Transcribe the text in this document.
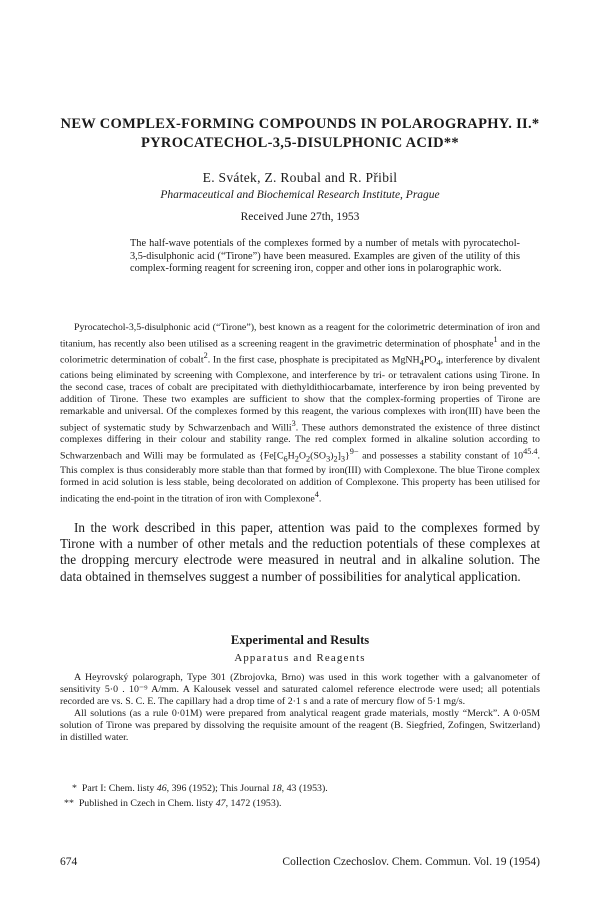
NEW COMPLEX-FORMING COMPOUNDS IN POLAROGRAPHY. II.*
PYROCATECHOL-3,5-DISULPHONIC ACID**
E. Svátek, Z. Roubal and R. Přibil
Pharmaceutical and Biochemical Research Institute, Prague
Received June 27th, 1953
The half-wave potentials of the complexes formed by a number of metals with pyrocatechol-3,5-disulphonic acid (“Tirone”) have been measured. Examples are given of the utility of this complex-forming reagent for screening iron, copper and other ions in polarographic work.

Pyrocatechol-3,5-disulphonic acid (“Tirone”), best known as a reagent for the colorimetric determination of iron and titanium, has recently also been utilised as a screening reagent in the gravimetric determination of phosphate$^1$ and in the colorimetric determination of cobalt$^2$. In the first case, phosphate is precipitated as $MgNH_4PO_4$, interference by divalent cations being eliminated by screening with Complexone, and interference by tri- or tetravalent cations using Tirone. In the second case, traces of cobalt are precipitated with diethyldithiocarbamate, interference by iron being prevented by addition of Tirone. These two examples are sufficient to show that the complex-forming properties of Tirone are remarkable and universal. Of the complexes formed by this reagent, the various complexes with iron(III) have been the subject of systematic study by Schwarzenbach and Willi$^3$. These authors demonstrated the existence of three distinct complexes differing in their colour and stability range. The red complex formed in alkaline solution according to Schwarzenbach and Willi may be formulated as $\{Fe[C_6H_2O_2(SO_3)_2]_3\}^{9-}$ and possesses a stability constant of $10^{45.4}$. This complex is thus considerably more stable than that formed by iron(III) with Complexone. The blue Tirone complex formed in acid solution is less stable, being decolorated on addition of Complexone. This property has been utilised for indicating the end-point in the titration of iron with Complexone$^4$.

In the work described in this paper, attention was paid to the complexes formed by Tirone with a number of other metals and the reduction potentials of these complexes at the dropping mercury electrode were measured in neutral and in alkaline solution. The data obtained in themselves suggest a number of possibilities for analytical application.

Experimental and Results
Apparatus and Reagents

A Heyrovský polarograph, Type 301 (Zbrojovka, Brno) was used in this work together with a galvanometer of sensitivity 5·0 . 10⁻⁹ A/mm. A Kalousek vessel and saturated calomel reference electrode were used; all potentials recorded are vs. S. C. E. The capillary had a drop time of 2·1 s and a rate of mercury flow of 5·1 mg/s.

All solutions (as a rule 0·01M) were prepared from analytical reagent grade materials, mostly “Merck”. A 0·05M solution of Tirone was prepared by dissolving the requisite amount of the reagent (B. Siegfried, Zofingen, Switzerland) in distilled water.

* Part I: Chem. listy 46, 396 (1952); This Journal 18, 43 (1953).
** Published in Czech in Chem. listy 47, 1472 (1953).
674	Collection Czechoslov. Chem. Commun. Vol. 19 (1954)
